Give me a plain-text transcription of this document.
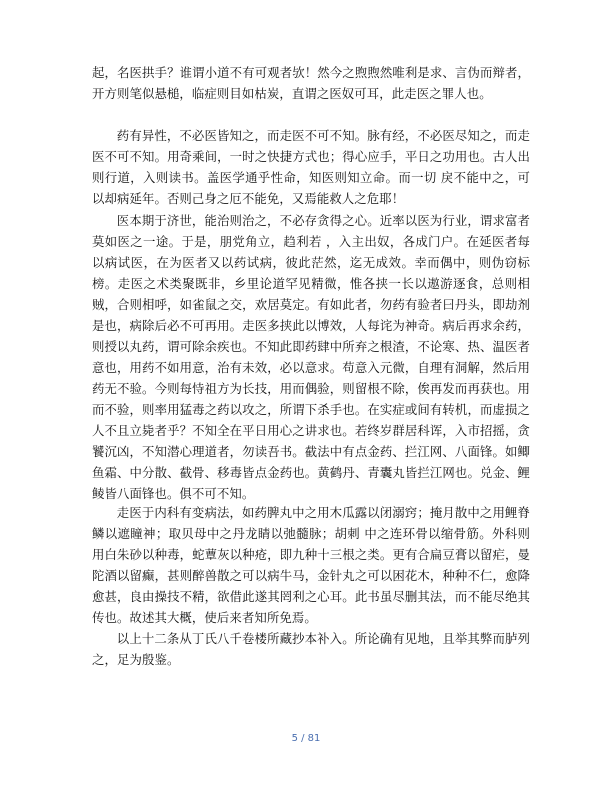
起，名医拱手？谁谓小道不有可观者欤！然今之煦煦然唯利是求、言伪而辩者，开方则笔似悬槌，临症则目如枯炭，直谓之医奴可耳，此走医之罪人也。

药有异性，不必医皆知之，而走医不可不知。脉有经，不必医尽知之，而走医不可不知。用奇乘间，一时之快捷方式也；得心应手，平日之功用也。古人出则行道，入则读书。盖医学通乎性命，知医则知立命。而一切 戾不能中之，可以却病延年。否则己身之厄不能免，又焉能救人之危耶！

医本期于济世，能治则治之，不必存贪得之心。近率以医为行业，谓求富者莫如医之一途。于是，朋党角立，趋利若 ，入主出奴，各成门户。在延医者每以病试医，在为医者又以药试病，彼此茫然，迄无成效。幸而偶中，则伪窃标榜。走医之术类聚既非，乡里论道罕见精微，惟各挟一长以遨游逐食，总则相贼，合则相呼，如雀鼠之交，欢居莫定。有如此者，勿药有验者曰丹头，即劫剂是也，病除后必不可再用。走医多挟此以博效，人每诧为神奇。病后再求余药，则授以丸药，谓可除余疾也。不知此即药肆中所弃之根渣，不论寒、热、温医者意也，用药不如用意，治有未效，必以意求。苟意入元微，自理有洞解，然后用药无不验。今则每恃祖方为长技，用而偶验，则留根不除，俟再发而再获也。用而不验，则率用猛毒之药以攻之，所谓下杀手也。在实症或间有转机，而虚损之人不且立毙者乎？不知全在平日用心之讲求也。若终岁群居科诨，入市招摇，贪饕沉凶，不知潜心理道者，勿读吾书。截法中有点金药、拦江网、八面锋。如鲫鱼霜、中分散、截骨、移毒皆点金药也。黄鹤丹、青囊丸皆拦江网也。兑金、鲤鲮皆八面锋也。俱不可不知。

走医于内科有变病法，如药脾丸中之用木瓜露以闭溺窍；掩月散中之用鲤脊鳞以遮瞳神；取贝母中之丹龙睛以弛髓脉；胡刺 中之连环骨以缩骨筋。外科则用白朱砂以种毒，蛇蕈灰以种疮，即九种十三根之类。更有合扁豆膏以留疟，曼陀酒以留癫，甚则醉兽散之可以病牛马，金针丸之可以困花木，种种不仁，愈降愈甚，良由操技不精，欲借此遂其罔利之心耳。此书虽尽删其法，而不能尽绝其传也。故述其大概，使后来者知所免焉。

以上十二条从丁氏八千卷楼所藏抄本补入。所论确有见地，且举其弊而胪列之，足为殷鉴。

5 / 81
